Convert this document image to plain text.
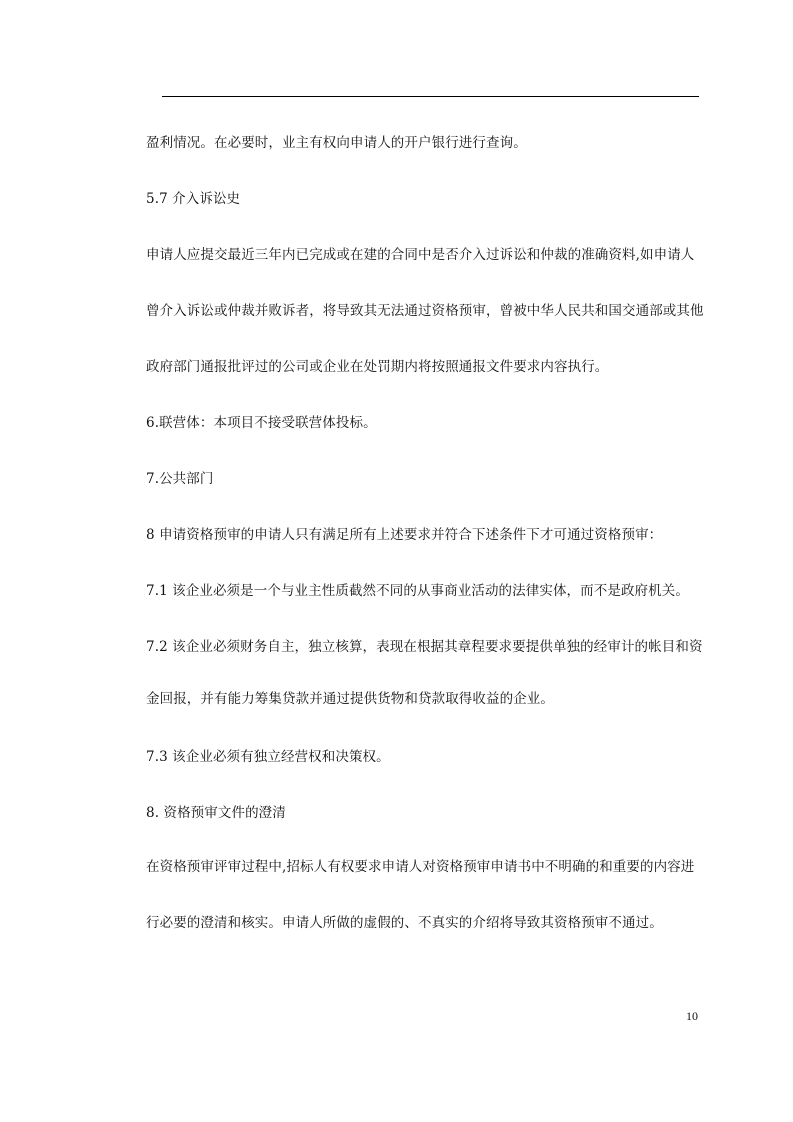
盈利情况。在必要时，业主有权向申请人的开户银行进行查询。
5.7 介入诉讼史
申请人应提交最近三年内已完成或在建的合同中是否介入过诉讼和仲裁的准确资料,如申请人
曾介入诉讼或仲裁并败诉者，将导致其无法通过资格预审，曾被中华人民共和国交通部或其他
政府部门通报批评过的公司或企业在处罚期内将按照通报文件要求内容执行。
6.联营体：本项目不接受联营体投标。
7.公共部门
8 申请资格预审的申请人只有满足所有上述要求并符合下述条件下才可通过资格预审：
7.1 该企业必须是一个与业主性质截然不同的从事商业活动的法律实体，而不是政府机关。
7.2 该企业必须财务自主，独立核算，表现在根据其章程要求要提供单独的经审计的帐目和资
金回报，并有能力筹集贷款并通过提供货物和贷款取得收益的企业。
7.3 该企业必须有独立经营权和决策权。
8. 资格预审文件的澄清
在资格预审评审过程中,招标人有权要求申请人对资格预审申请书中不明确的和重要的内容进
行必要的澄清和核实。申请人所做的虚假的、不真实的介绍将导致其资格预审不通过。
10
